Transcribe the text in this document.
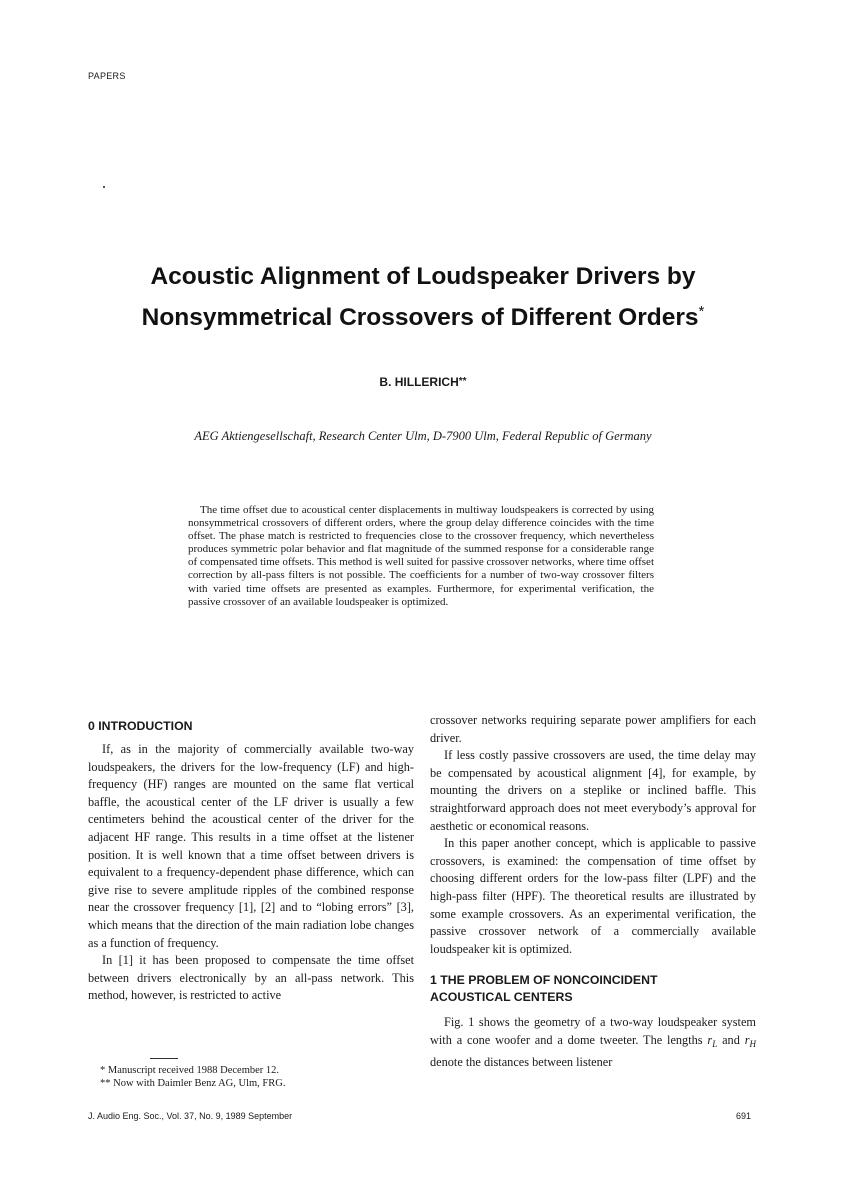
PAPERS
Acoustic Alignment of Loudspeaker Drivers by
Nonsymmetrical Crossovers of Different Orders*
B. HILLERICH**
AEG Aktiengesellschaft, Research Center Ulm, D-7900 Ulm, Federal Republic of Germany

The time offset due to acoustical center displacements in multiway loudspeakers is corrected by using nonsymmetrical crossovers of different orders, where the group delay difference coincides with the time offset. The phase match is restricted to frequencies close to the crossover frequency, which nevertheless produces symmetric polar behavior and flat magnitude of the summed response for a considerable range of compensated time offsets. This method is well suited for passive crossover networks, where time offset correction by all-pass filters is not possible. The coefficients for a number of two-way crossover filters with varied time offsets are presented as examples. Furthermore, for experimental verification, the passive crossover of an available loudspeaker is optimized.

0 INTRODUCTION

If, as in the majority of commercially available two-way loudspeakers, the drivers for the low-frequency (LF) and high-frequency (HF) ranges are mounted on the same flat vertical baffle, the acoustical center of the LF driver is usually a few centimeters behind the acoustical center of the driver for the adjacent HF range. This results in a time offset at the listener position. It is well known that a time offset between drivers is equivalent to a frequency-dependent phase difference, which can give rise to severe amplitude ripples of the combined response near the crossover frequency [1], [2] and to “lobing errors” [3], which means that the direction of the main radiation lobe changes as a function of frequency.

In [1] it has been proposed to compensate the time offset between drivers electronically by an all-pass network. This method, however, is restricted to active

crossover networks requiring separate power amplifiers for each driver.

If less costly passive crossovers are used, the time delay may be compensated by acoustical alignment [4], for example, by mounting the drivers on a steplike or inclined baffle. This straightforward approach does not meet everybody’s approval for aesthetic or economical reasons.

In this paper another concept, which is applicable to passive crossovers, is examined: the compensation of time offset by choosing different orders for the low-pass filter (LPF) and the high-pass filter (HPF). The theoretical results are illustrated by some example crossovers. As an experimental verification, the passive crossover network of a commercially available loudspeaker kit is optimized.

1 THE PROBLEM OF NONCOINCIDENT
ACOUSTICAL CENTERS

Fig. 1 shows the geometry of a two-way loudspeaker system with a cone woofer and a dome tweeter. The lengths $r_L$ and $r_H$ denote the distances between listener

* Manuscript received 1988 December 12.
** Now with Daimler Benz AG, Ulm, FRG.
J. Audio Eng. Soc., Vol. 37, No. 9, 1989 September	691
